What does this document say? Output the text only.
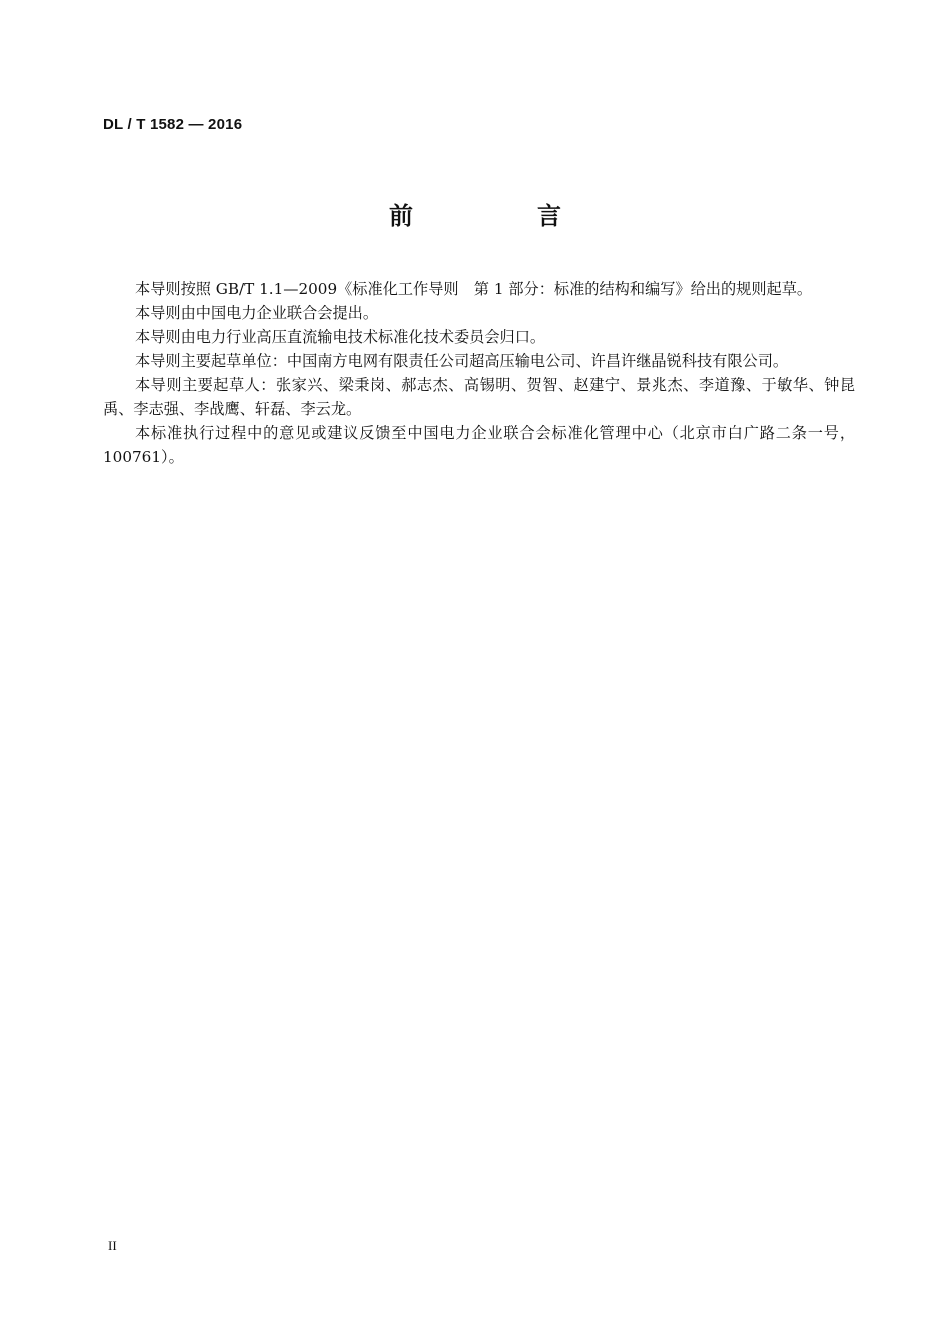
DL / T 1582 — 2016
前　言

本导则按照 GB/T 1.1—2009《标准化工作导则　第 1 部分：标准的结构和编写》给出的规则起草。

本导则由中国电力企业联合会提出。

本导则由电力行业高压直流输电技术标准化技术委员会归口。

本导则主要起草单位：中国南方电网有限责任公司超高压输电公司、许昌许继晶锐科技有限公司。

本导则主要起草人：张家兴、梁秉岗、郝志杰、高锡明、贺智、赵建宁、景兆杰、李道豫、于敏华、钟昆禹、李志强、李战鹰、轩磊、李云龙。

本标准执行过程中的意见或建议反馈至中国电力企业联合会标准化管理中心（北京市白广路二条一号，100761）。

II
